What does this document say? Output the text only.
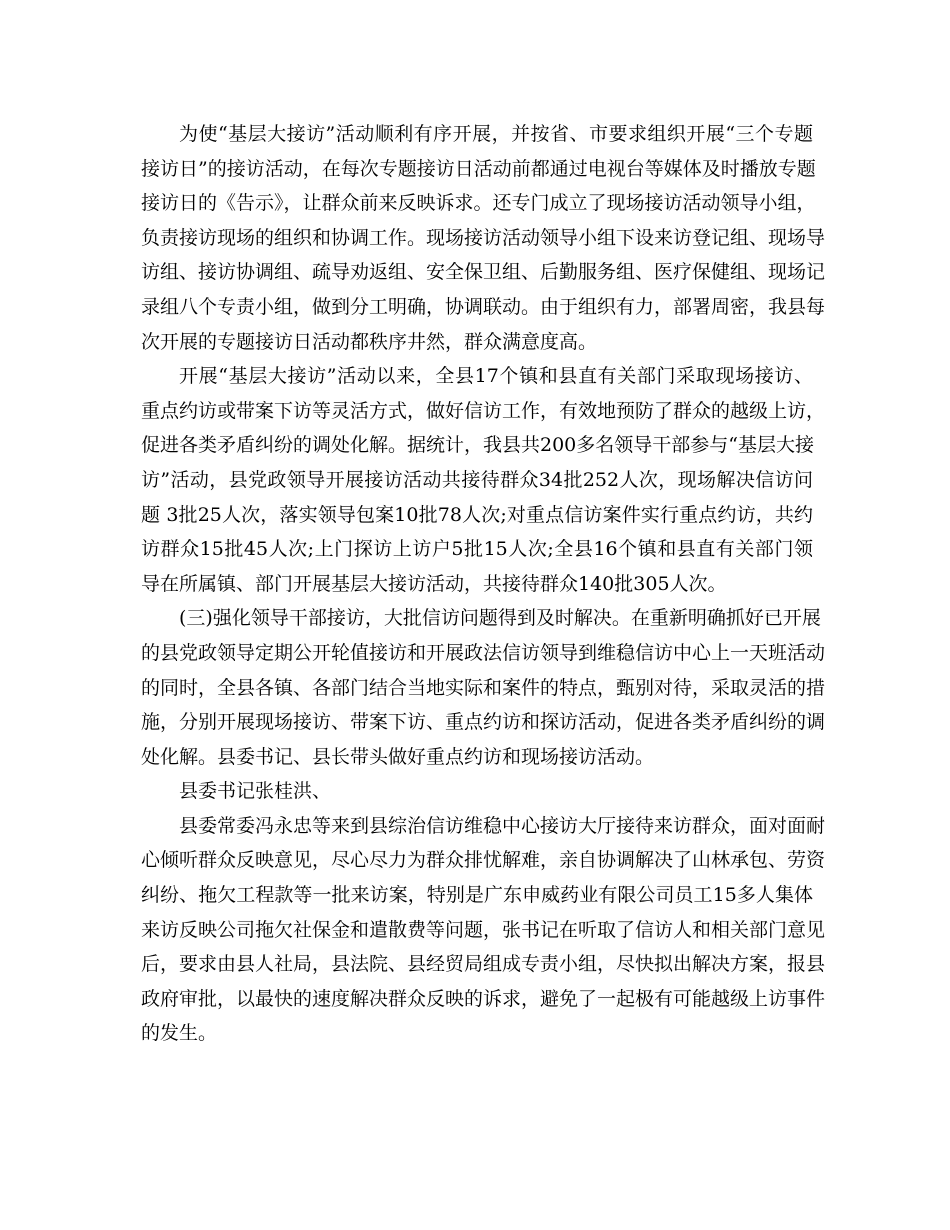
为使“基层大接访”活动顺利有序开展，并按省、市要求组织开展“三个专题
接访日”的接访活动，在每次专题接访日活动前都通过电视台等媒体及时播放专题
接访日的《告示》，让群众前来反映诉求。还专门成立了现场接访活动领导小组，
负责接访现场的组织和协调工作。现场接访活动领导小组下设来访登记组、现场导
访组、接访协调组、疏导劝返组、安全保卫组、后勤服务组、医疗保健组、现场记
录组八个专责小组，做到分工明确，协调联动。由于组织有力，部署周密，我县每
次开展的专题接访日活动都秩序井然，群众满意度高。
开展“基层大接访”活动以来，全县17个镇和县直有关部门采取现场接访、
重点约访或带案下访等灵活方式，做好信访工作，有效地预防了群众的越级上访，
促进各类矛盾纠纷的调处化解。据统计，我县共200多名领导干部参与“基层大接
访”活动，县党政领导开展接访活动共接待群众34批252人次，现场解决信访问
题 3批25人次，落实领导包案10批78人次;对重点信访案件实行重点约访，共约
访群众15批45人次;上门探访上访户5批15人次;全县16个镇和县直有关部门领
导在所属镇、部门开展基层大接访活动，共接待群众140批305人次。
(三)强化领导干部接访，大批信访问题得到及时解决。在重新明确抓好已开展
的县党政领导定期公开轮值接访和开展政法信访领导到维稳信访中心上一天班活动
的同时，全县各镇、各部门结合当地实际和案件的特点，甄别对待，采取灵活的措
施，分别开展现场接访、带案下访、重点约访和探访活动，促进各类矛盾纠纷的调
处化解。县委书记、县长带头做好重点约访和现场接访活动。
县委书记张桂洪、
县委常委冯永忠等来到县综治信访维稳中心接访大厅接待来访群众，面对面耐
心倾听群众反映意见，尽心尽力为群众排忧解难，亲自协调解决了山林承包、劳资
纠纷、拖欠工程款等一批来访案，特别是广东申威药业有限公司员工15多人集体
来访反映公司拖欠社保金和遣散费等问题，张书记在听取了信访人和相关部门意见
后，要求由县人社局，县法院、县经贸局组成专责小组，尽快拟出解决方案，报县
政府审批，以最快的速度解决群众反映的诉求，避免了一起极有可能越级上访事件
的发生。
